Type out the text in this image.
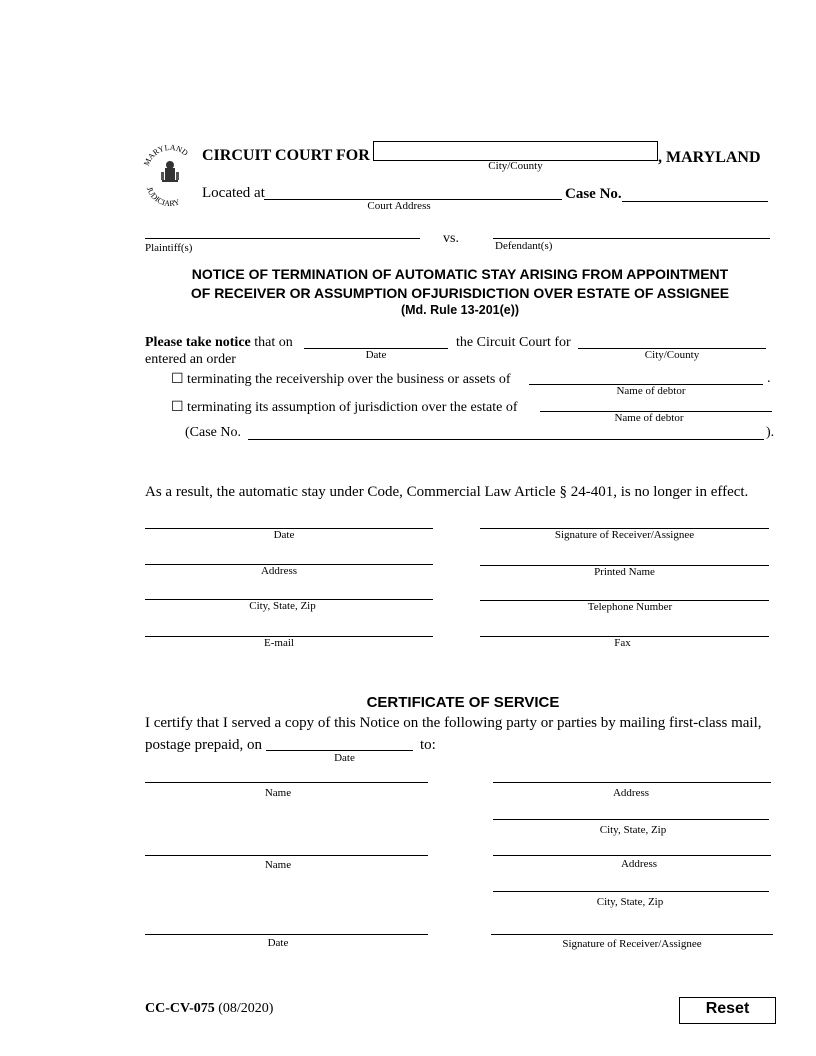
MARYLAND
JUDICIARY
CIRCUIT COURT FOR
City/County	, MARYLAND
Located at
Court Address
Case No.
vs.
Plaintiff(s)	Defendant(s)
NOTICE OF TERMINATION OF AUTOMATIC STAY ARISING FROM APPOINTMENT
OF RECEIVER OR ASSUMPTION OFJURISDICTION OVER ESTATE OF ASSIGNEE
(Md. Rule 13-201(e))
Please take notice that on
Date
the Circuit Court for
City/County
entered an order
☐ terminating the receivership over the business or assets of	.
Name of debtor
☐ terminating its assumption of jurisdiction over the estate of
Name of debtor
(Case No.	).
As a result, the automatic stay under Code, Commercial Law Article § 24-401, is no longer in effect.
Date	Signature of Receiver/Assignee
Address	Printed Name
City, State, Zip	Telephone Number
E-mail	Fax
CERTIFICATE OF SERVICE
I certify that I served a copy of this Notice on the following party or parties by mailing first-class mail,
postage prepaid, on
Date
to:
Name	Address
City, State, Zip
Name	Address
City, State, Zip
Date	Signature of Receiver/Assignee
CC-CV-075 (08/2020)	Reset
